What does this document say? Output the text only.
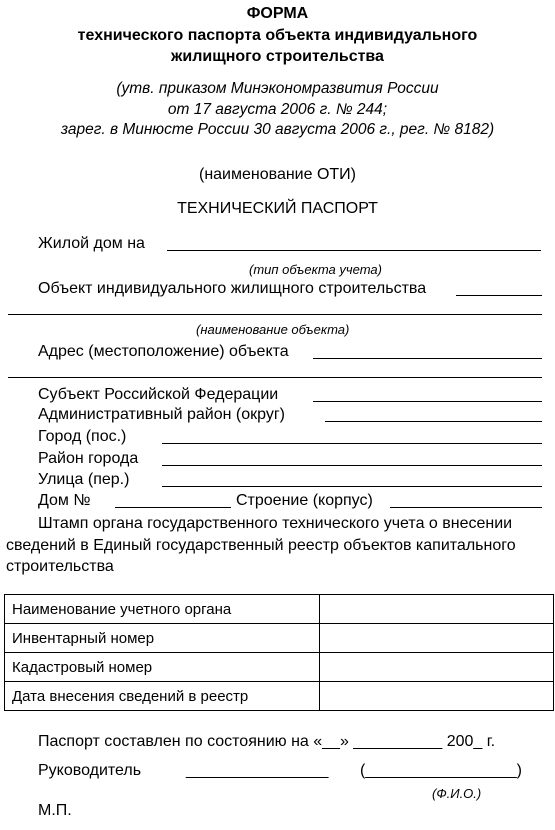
ФОРМА
технического паспорта объекта индивидуального
жилищного строительства
(утв. приказом Минэкономразвития России
от 17 августа 2006 г. № 244;
зарег. в Минюсте России 30 августа 2006 г., рег. № 8182)
(наименование ОТИ)
ТЕХНИЧЕСКИЙ ПАСПОРТ
Жилой дом на
(тип объекта учета)
Объект индивидуального жилищного строительства
(наименование объекта)
Адрес (местоположение) объекта
Субъект Российской Федерации
Административный район (округ)
Город (пос.)
Район города
Улица (пер.)
Дом №	Строение (корпус)
Штамп органа государственного технического учета о внесении
сведений в Единый государственный реестр объектов капитального
строительства
Наименование учетного органа	
Инвентарный номер	
Кадастровый номер	
Дата внесения сведений в реестр	
Паспорт составлен по состоянию на «__» __________ 200_ г.
Руководитель	________________ (_________________)
(Ф.И.О.)
М.П.
